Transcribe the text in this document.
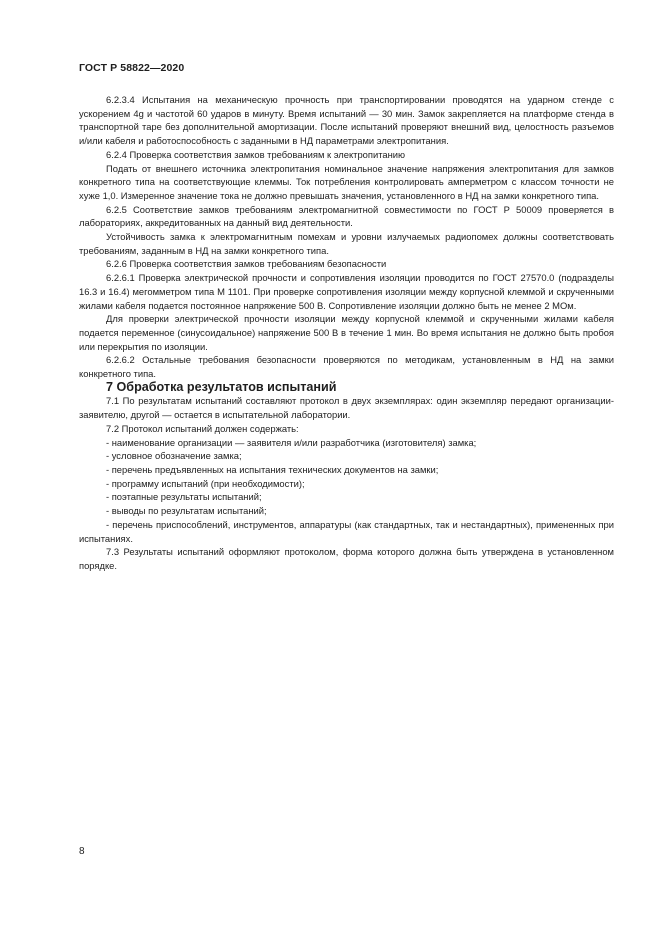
ГОСТ Р 58822—2020

6.2.3.4 Испытания на механическую прочность при транспортировании проводятся на ударном стенде с ускорением 4g и частотой 60 ударов в минуту. Время испытаний — 30 мин. Замок закрепляется на платформе стенда в транспортной таре без дополнительной амортизации. После испытаний проверяют внешний вид, целостность разъемов и/или кабеля и работоспособность с заданными в НД параметрами электропитания.

6.2.4 Проверка соответствия замков требованиям к электропитанию

Подать от внешнего источника электропитания номинальное значение напряжения электропитания для замков конкретного типа на соответствующие клеммы. Ток потребления контролировать амперметром с классом точности не хуже 1,0. Измеренное значение тока не должно превышать значения, установленного в НД на замки конкретного типа.

6.2.5 Соответствие замков требованиям электромагнитной совместимости по ГОСТ Р 50009 проверяется в лабораториях, аккредитованных на данный вид деятельности.

Устойчивость замка к электромагнитным помехам и уровни излучаемых радиопомех должны соответствовать требованиям, заданным в НД на замки конкретного типа.

6.2.6 Проверка соответствия замков требованиям безопасности

6.2.6.1 Проверка электрической прочности и сопротивления изоляции проводится по ГОСТ 27570.0 (подразделы 16.3 и 16.4) мегомметром типа М 1101. При проверке сопротивления изоляции между корпусной клеммой и скрученными жилами кабеля подается постоянное напряжение 500 В. Сопротивление изоляции должно быть не менее 2 МОм.

Для проверки электрической прочности изоляции между корпусной клеммой и скрученными жилами кабеля подается переменное (синусоидальное) напряжение 500 В в течение 1 мин. Во время испытания не должно быть пробоя или перекрытия по изоляции.

6.2.6.2 Остальные требования безопасности проверяются по методикам, установленным в НД на замки конкретного типа.

7 Обработка результатов испытаний

7.1 По результатам испытаний составляют протокол в двух экземплярах: один экземпляр передают организации-заявителю, другой — остается в испытательной лаборатории.

7.2 Протокол испытаний должен содержать:

- наименование организации — заявителя и/или разработчика (изготовителя) замка;

- условное обозначение замка;

- перечень предъявленных на испытания технических документов на замки;

- программу испытаний (при необходимости);

- поэтапные результаты испытаний;

- выводы по результатам испытаний;

- перечень приспособлений, инструментов, аппаратуры (как стандартных, так и нестандартных), примененных при испытаниях.

7.3 Результаты испытаний оформляют протоколом, форма которого должна быть утверждена в установленном порядке.

8
